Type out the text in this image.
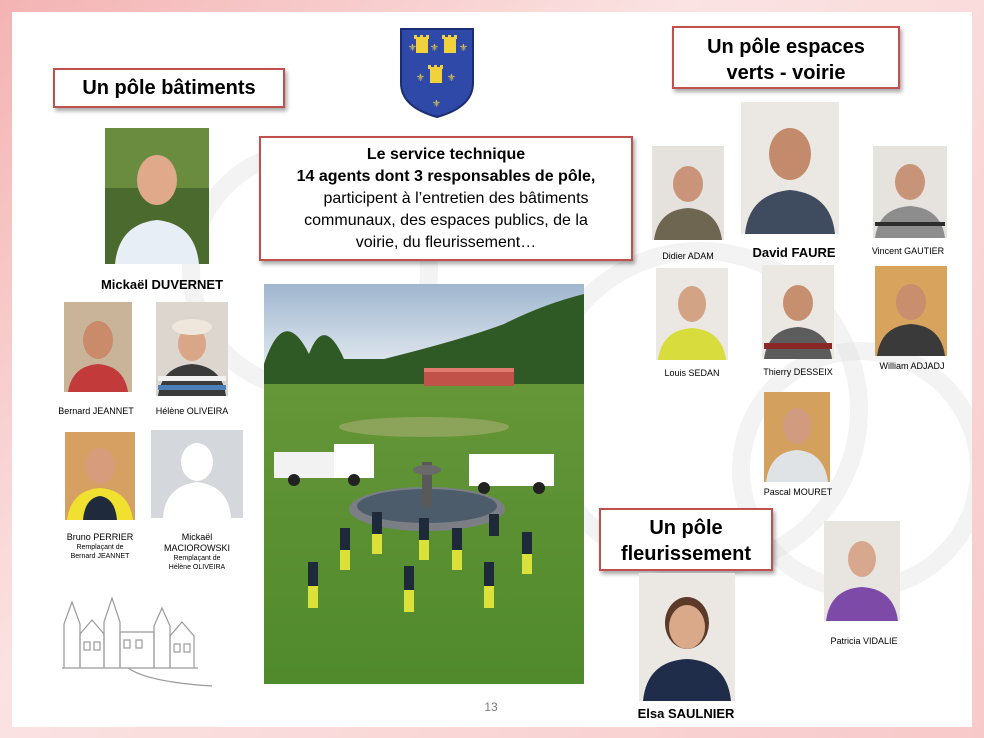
⚜ ⚜ ⚜
⚜ ⚜
⚜
Un pôle bâtiments
Un pôle espaces
verts - voirie
Un pôle
fleurissement
Le service technique
14 agents dont 3 responsables de pôle,
participent à l’entretien des bâtiments
communaux, des espaces publics, de la
voirie, du fleurissement…
Mickaël DUVERNET
Bernard JEANNET	Hélène OLIVEIRA
Bruno PERRIER
Remplaçant de
Bernard JEANNET
Mickaël
MACIOROWSKI
Remplaçant de
Hélène OLIVEIRA
Didier ADAM	David FAURE	Vincent GAUTIER
Louis SEDAN	Thierry DESSEIX
William ADJADJ
Pascal MOURET
Patricia VIDALIE
Elsa SAULNIER
13
